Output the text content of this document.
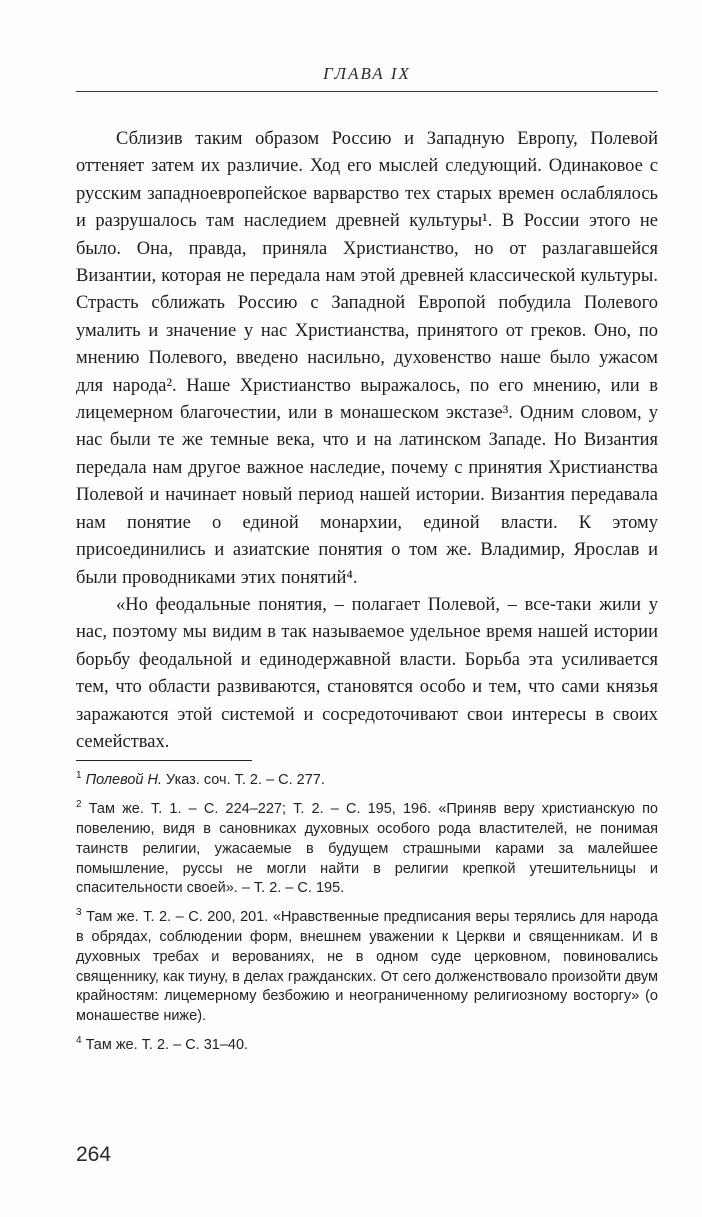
ГЛАВА IX

Сблизив таким образом Россию и Западную Европу, Полевой оттеняет затем их различие. Ход его мыслей следующий. Одинаковое с русским западноевропейское варварство тех старых времен ослаблялось и разрушалось там наследием древней культуры¹. В России этого не было. Она, правда, приняла Христианство, но от разлагавшейся Византии, которая не передала нам этой древней классической культуры. Страсть сближать Россию с Западной Европой побудила Полевого умалить и значение у нас Христианства, принятого от греков. Оно, по мнению Полевого, введено насильно, духовенство наше было ужасом для народа². Наше Христианство выражалось, по его мнению, или в лицемерном благочестии, или в монашеском экстазе³. Одним словом, у нас были те же темные века, что и на латинском Западе. Но Византия передала нам другое важное наследие, почему с принятия Христианства Полевой и начинает новый период нашей истории. Византия передавала нам понятие о единой монархии, единой власти. К этому присоединились и азиатские понятия о том же. Владимир, Ярослав и были проводниками этих понятий⁴.

«Но феодальные понятия, – полагает Полевой, – все-таки жили у нас, поэтому мы видим в так называемое удельное время нашей истории борьбу феодальной и единодержавной власти. Борьба эта усиливается тем, что области развиваются, становятся особо и тем, что сами князья заражаются этой системой и сосредоточивают свои интересы в своих семействах.

$^1$ Полевой Н. Указ. соч. Т. 2. – С. 277.

$^2$ Там же. Т. 1. – С. 224–227; Т. 2. – С. 195, 196. «Приняв веру христианскую по повелению, видя в сановниках духовных особого рода властителей, не понимая таинств религии, ужасаемые в будущем страшными карами за малейшее помышление, руссы не могли найти в религии крепкой утешительницы и спасительности своей». – Т. 2. – С. 195.

$^3$ Там же. Т. 2. – С. 200, 201. «Нравственные предписания веры терялись для народа в обрядах, соблюдении форм, внешнем уважении к Церкви и священникам. И в духовных требах и верованиях, не в одном суде церковном, повиновались священнику, как тиуну, в делах гражданских. От сего долженствовало произойти двум крайностям: лицемерному безбожию и неограниченному религиозному восторгу» (о монашестве ниже).

$^4$ Там же. Т. 2. – С. 31–40.

264
